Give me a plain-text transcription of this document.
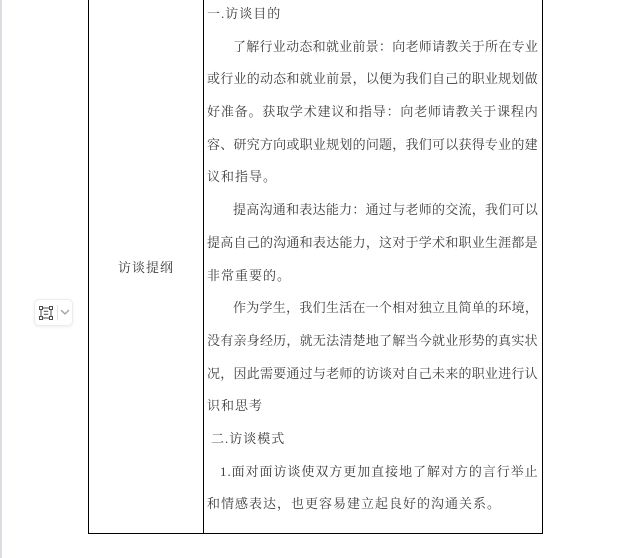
访谈提纲
一.访谈目的
了 解 行 业 动 态 和 就 业 前 景 ： 向 老 师 请 教 关 于 所 在 专 业
或 行 业 的 动 态 和 就 业 前 景 ， 以 便 为 我 们 自 己 的 职 业 规 划 做
好 准 备 。 获 取 学 术 建 议 和 指 导 ： 向 老 师 请 教 关 于 课 程 内
容 、 研 究 方 向 或 职 业 规 划 的 问 题 ， 我 们 可 以 获 得 专 业 的 建
议和指导。
提 高 沟 通 和 表 达 能 力 ： 通 过 与 老 师 的 交 流 ， 我 们 可 以
提 高 自 己 的 沟 通 和 表 达 能 力 ， 这 对 于 学 术 和 职 业 生 涯 都 是
非常重要的。
作 为 学 生 ， 我 们 生 活 在 一 个 相 对 独 立 且 简 单 的 环 境 ，
没 有 亲 身 经 历 ， 就 无 法 清 楚 地 了 解 当 今 就 业 形 势 的 真 实 状
况 ， 因 此 需 要 通 过 与 老 师 的 访 谈 对 自 己 未 来 的 职 业 进 行 认
识和思考
二.访谈模式
1 . 面 对 面 访 谈 使 双 方 更 加 直 接 地 了 解 对 方 的 言 行 举 止
和情感表达，也更容易建立起良好的沟通关系。
